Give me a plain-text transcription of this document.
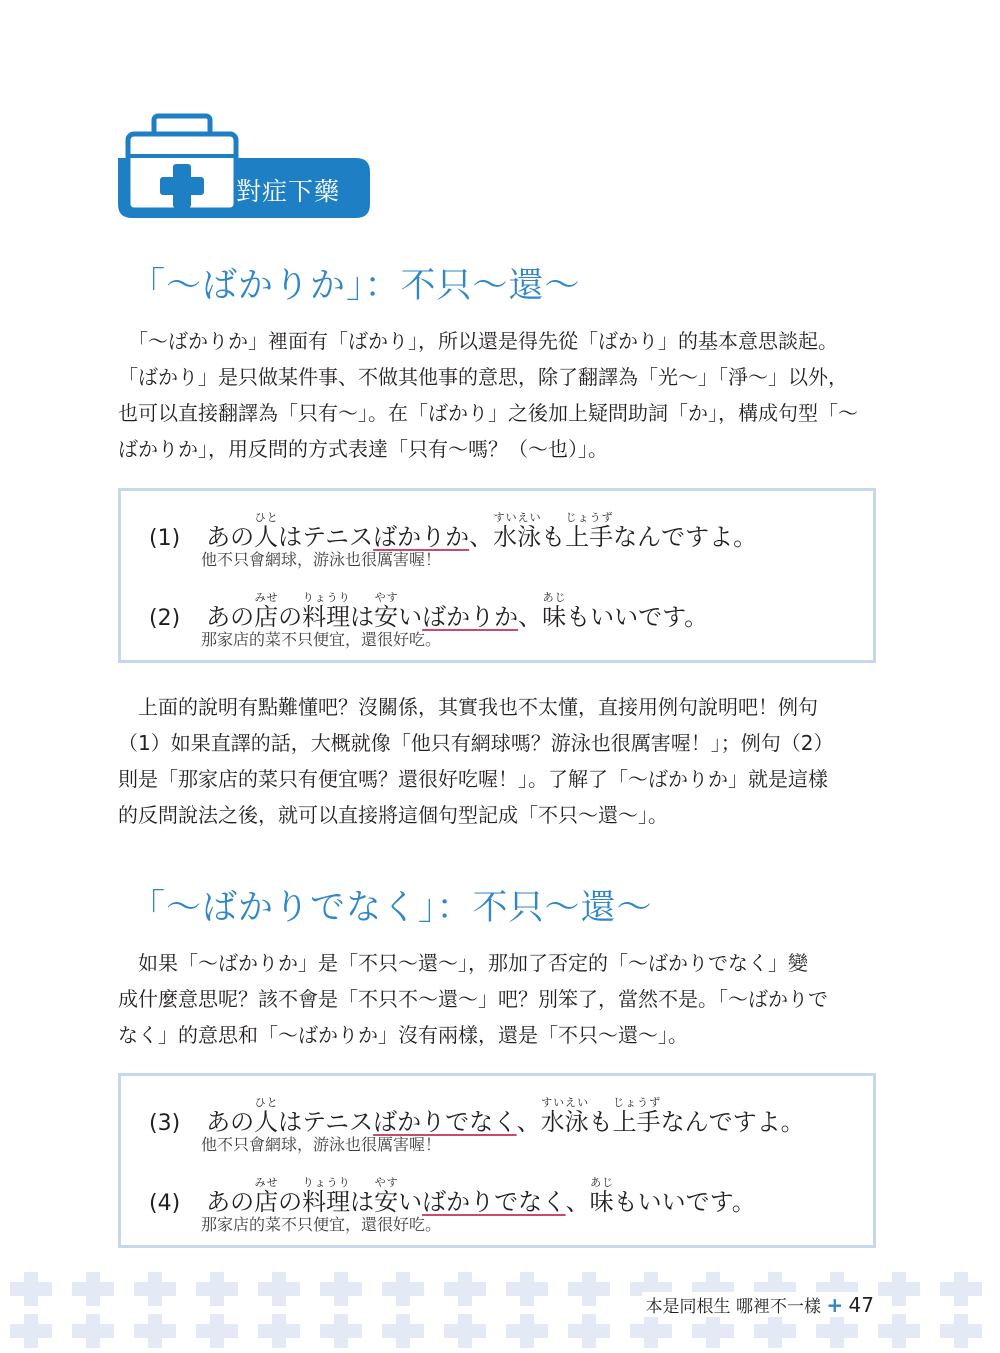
對症下藥
「～ばかりか」：不只～還～
　「～ばかりか」裡面有「ばかり」，所以還是得先從「ばかり」的基本意思談起。
「ばかり」是只做某件事、不做其他事的意思，除了翻譯為「光～」「淨～」以外，
也可以直接翻譯為「只有～」。在「ばかり」之後加上疑問助詞「か」，構成句型「～
ばかりか」，用反問的方式表達「只有～嗎？（～也）」。
(1) あの人ひとはテニスばかりか、水泳すいえいも上手じょうずなんですよ。
他不只會網球，游泳也很厲害喔！
(2) あの店みせの料理りょうりは安やすいばかりか、味あじもいいです。
那家店的菜不只便宜，還很好吃。
　上面的說明有點難懂吧？沒關係，其實我也不太懂，直接用例句說明吧！例句
（1）如果直譯的話，大概就像「他只有網球嗎？游泳也很厲害喔！」；例句（2）
則是「那家店的菜只有便宜嗎？還很好吃喔！」。了解了「～ばかりか」就是這樣
的反問說法之後，就可以直接將這個句型記成「不只～還～」。
「～ばかりでなく」：不只～還～
　如果「～ばかりか」是「不只～還～」，那加了否定的「～ばかりでなく」變
成什麼意思呢？該不會是「不只不～還～」吧？別笨了，當然不是。「～ばかりで
なく」的意思和「～ばかりか」沒有兩樣，還是「不只～還～」。
(3) あの人ひとはテニスばかりでなく、水泳すいえいも上手じょうずなんですよ。
他不只會網球，游泳也很厲害喔！
(4) あの店みせの料理りょうりは安やすいばかりでなく、味あじもいいです。
那家店的菜不只便宜，還很好吃。
本是同根生 哪裡不一樣 + 47
